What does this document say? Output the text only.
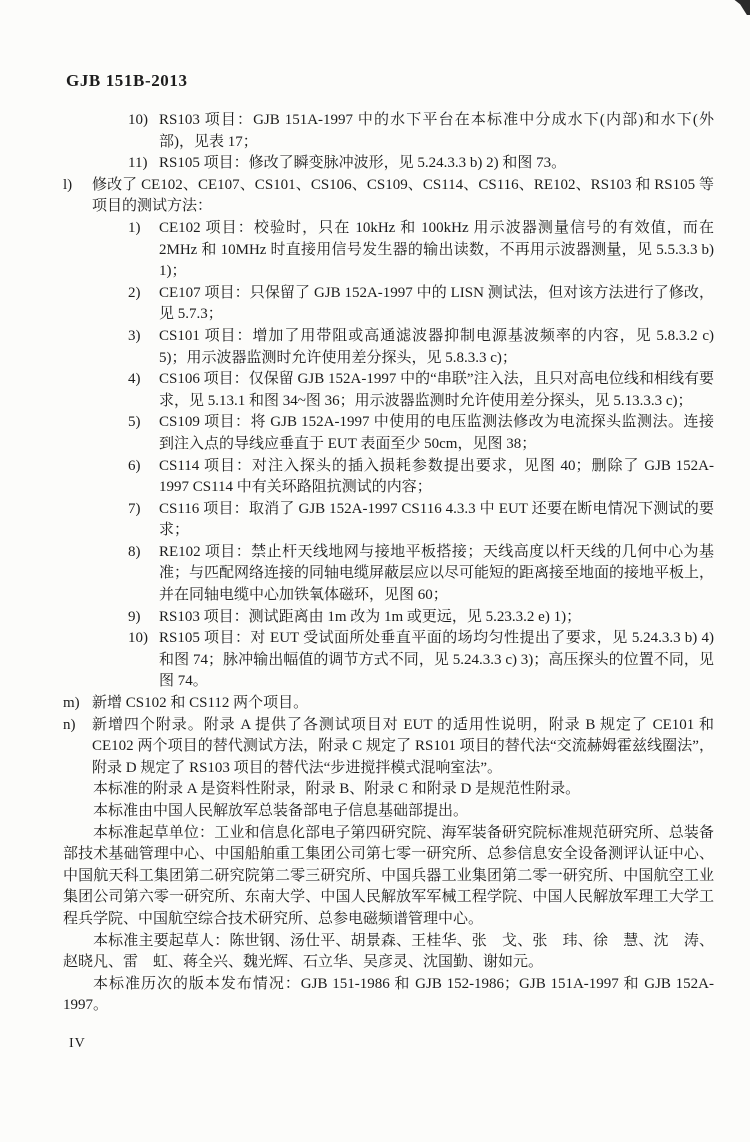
GJB 151B-2013
10) RS103 项目：GJB 151A-1997 中的水下平台在本标准中分成水下(内部)和水下(外部)，见表 17；
11) RS105 项目：修改了瞬变脉冲波形，见 5.24.3.3 b) 2) 和图 73。
l)	修改了 CE102、CE107、CS101、CS106、CS109、CS114、CS116、RE102、RS103 和 RS105 等项目的测试方法：
1)	CE102 项目：校验时，只在 10kHz 和 100kHz 用示波器测量信号的有效值，而在 2MHz 和 10MHz 时直接用信号发生器的输出读数，不再用示波器测量，见 5.5.3.3 b) 1)；
2)	CE107 项目：只保留了 GJB 152A-1997 中的 LISN 测试法，但对该方法进行了修改，见 5.7.3；
3)	CS101 项目：增加了用带阻或高通滤波器抑制电源基波频率的内容，见 5.8.3.2 c) 5)；用示波器监测时允许使用差分探头，见 5.8.3.3 c)；
4)	CS106 项目：仅保留 GJB 152A-1997 中的“串联”注入法，且只对高电位线和相线有要求，见 5.13.1 和图 34~图 36；用示波器监测时允许使用差分探头，见 5.13.3.3 c)；
5)	CS109 项目：将 GJB 152A-1997 中使用的电压监测法修改为电流探头监测法。连接到注入点的导线应垂直于 EUT 表面至少 50cm，见图 38；
6)	CS114 项目：对注入探头的插入损耗参数提出要求，见图 40；删除了 GJB 152A-1997 CS114 中有关环路阻抗测试的内容；
7)	CS116 项目：取消了 GJB 152A-1997 CS116 4.3.3 中 EUT 还要在断电情况下测试的要求；
8)	RE102 项目：禁止杆天线地网与接地平板搭接；天线高度以杆天线的几何中心为基准；与匹配网络连接的同轴电缆屏蔽层应以尽可能短的距离接至地面的接地平板上，并在同轴电缆中心加铁氧体磁环，见图 60；
9)	RS103 项目：测试距离由 1m 改为 1m 或更远，见 5.23.3.2 e) 1)；
10) RS105 项目：对 EUT 受试面所处垂直平面的场均匀性提出了要求，见 5.24.3.3 b) 4) 和图 74；脉冲输出幅值的调节方式不同，见 5.24.3.3 c) 3)；高压探头的位置不同，见图 74。
m) 新增 CS102 和 CS112 两个项目。
n)	新增四个附录。附录 A 提供了各测试项目对 EUT 的适用性说明，附录 B 规定了 CE101 和 CE102 两个项目的替代测试方法，附录 C 规定了 RS101 项目的替代法“交流赫姆霍兹线圈法”，附录 D 规定了 RS103 项目的替代法“步进搅拌模式混响室法”。

本标准的附录 A 是资料性附录，附录 B、附录 C 和附录 D 是规范性附录。

本标准由中国人民解放军总装备部电子信息基础部提出。

本标准起草单位：工业和信息化部电子第四研究院、海军装备研究院标准规范研究所、总装备部技术基础管理中心、中国船舶重工集团公司第七零一研究所、总参信息安全设备测评认证中心、中国航天科工集团第二研究院第二零三研究所、中国兵器工业集团第二零一研究所、中国航空工业集团公司第六零一研究所、东南大学、中国人民解放军军械工程学院、中国人民解放军理工大学工程兵学院、中国航空综合技术研究所、总参电磁频谱管理中心。

本标准主要起草人：陈世钢、汤仕平、胡景森、王桂华、张　戈、张　玮、徐　慧、沈　涛、赵晓凡、雷　虹、蒋全兴、魏光辉、石立华、吴彦灵、沈国勤、谢如元。

本标准历次的版本发布情况：GJB 151-1986 和 GJB 152-1986；GJB 151A-1997 和 GJB 152A-1997。

IV
